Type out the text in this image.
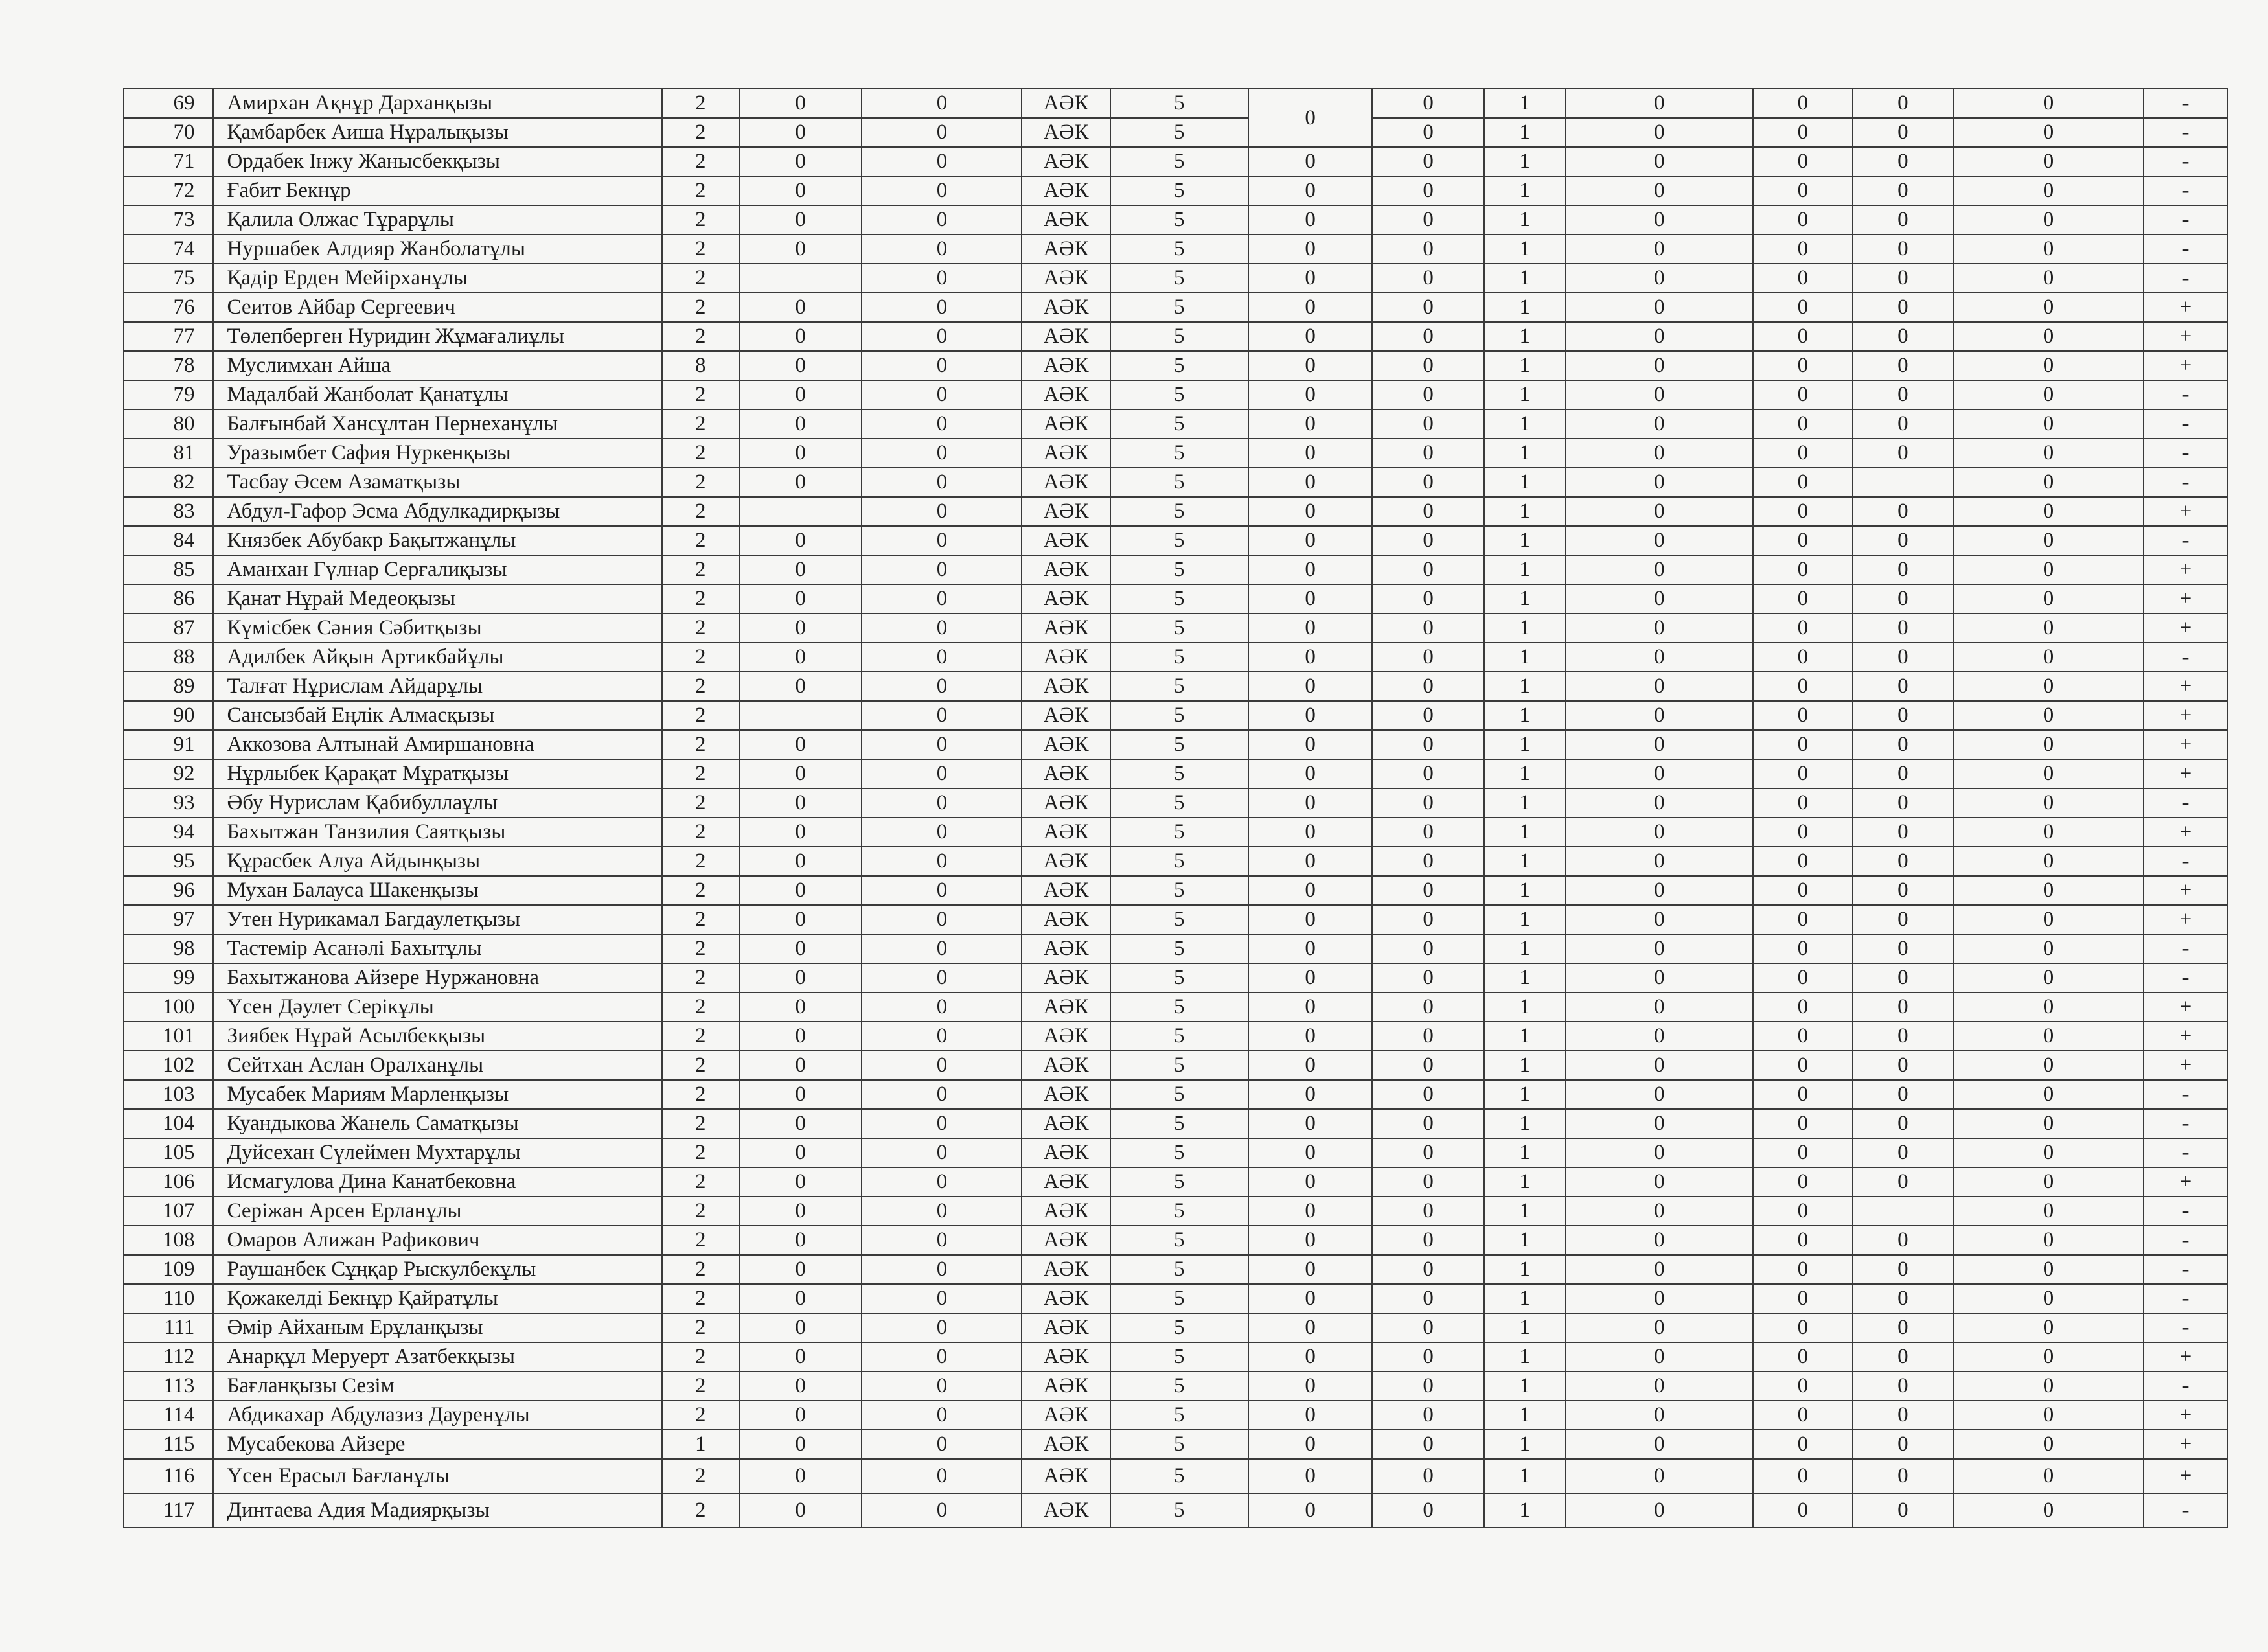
69	Амирхан Ақнұр Дарханқызы	2	0	0	АӘК	5	0	0	1	0	0	0	0	-
70	Қамбарбек Аиша Нұралықызы	2	0	0	АӘК	5		0	1	0	0	0	0	-
71	Ордабек Інжу Жанысбекқызы	2	0	0	АӘК	5	0	0	1	0	0	0	0	-
72	Ғабит Бекнұр	2	0	0	АӘК	5	0	0	1	0	0	0	0	-
73	Қалила Олжас Тұрарұлы	2	0	0	АӘК	5	0	0	1	0	0	0	0	-
74	Нуршабек Алдияр Жанболатұлы	2	0	0	АӘК	5	0	0	1	0	0	0	0	-
75	Қадір Ерден Мейірханұлы	2		0	АӘК	5	0	0	1	0	0	0	0	-
76	Сеитов Айбар Сергеевич	2	0	0	АӘК	5	0	0	1	0	0	0	0	+
77	Төлепберген Нуридин Жұмағалиұлы	2	0	0	АӘК	5	0	0	1	0	0	0	0	+
78	Муслимхан Айша	8	0	0	АӘК	5	0	0	1	0	0	0	0	+
79	Мадалбай Жанболат Қанатұлы	2	0	0	АӘК	5	0	0	1	0	0	0	0	-
80	Балғынбай Хансұлтан Пернеханұлы	2	0	0	АӘК	5	0	0	1	0	0	0	0	-
81	Уразымбет Сафия Нуркенқызы	2	0	0	АӘК	5	0	0	1	0	0	0	0	-
82	Тасбау Әсем Азаматқызы	2	0	0	АӘК	5	0	0	1	0	0		0	-
83	Абдул-Гафор Эсма Абдулкадирқызы	2		0	АӘК	5	0	0	1	0	0	0	0	+
84	Князбек Абубакр Бақытжанұлы	2	0	0	АӘК	5	0	0	1	0	0	0	0	-
85	Аманхан Гүлнар Серғалиқызы	2	0	0	АӘК	5	0	0	1	0	0	0	0	+
86	Қанат Нұрай Медеоқызы	2	0	0	АӘК	5	0	0	1	0	0	0	0	+
87	Күмісбек Сәния Сәбитқызы	2	0	0	АӘК	5	0	0	1	0	0	0	0	+
88	Адилбек Айқын Артикбайұлы	2	0	0	АӘК	5	0	0	1	0	0	0	0	-
89	Талғат Нұрислам Айдарұлы	2	0	0	АӘК	5	0	0	1	0	0	0	0	+
90	Сансызбай Еңлік Алмасқызы	2		0	АӘК	5	0	0	1	0	0	0	0	+
91	Аккозова Алтынай Амиршановна	2	0	0	АӘК	5	0	0	1	0	0	0	0	+
92	Нұрлыбек Қарақат Мұратқызы	2	0	0	АӘК	5	0	0	1	0	0	0	0	+
93	Әбу Нурислам Қабибуллаұлы	2	0	0	АӘК	5	0	0	1	0	0	0	0	-
94	Бахытжан Танзилия Саятқызы	2	0	0	АӘК	5	0	0	1	0	0	0	0	+
95	Құрасбек Алуа Айдынқызы	2	0	0	АӘК	5	0	0	1	0	0	0	0	-
96	Мухан Балауса Шакенқызы	2	0	0	АӘК	5	0	0	1	0	0	0	0	+
97	Утен Нурикамал Багдаулетқызы	2	0	0	АӘК	5	0	0	1	0	0	0	0	+
98	Тастемір Асанәлі Бахытұлы	2	0	0	АӘК	5	0	0	1	0	0	0	0	-
99	Бахытжанова Айзере Нуржановна	2	0	0	АӘК	5	0	0	1	0	0	0	0	-
100	Үсен Дәулет Серікұлы	2	0	0	АӘК	5	0	0	1	0	0	0	0	+
101	Зиябек Нұрай Асылбекқызы	2	0	0	АӘК	5	0	0	1	0	0	0	0	+
102	Сейтхан Аслан Оралханұлы	2	0	0	АӘК	5	0	0	1	0	0	0	0	+
103	Мусабек Мариям Марленқызы	2	0	0	АӘК	5	0	0	1	0	0	0	0	-
104	Куандыкова Жанель Саматқызы	2	0	0	АӘК	5	0	0	1	0	0	0	0	-
105	Дуйсехан Сүлеймен Мухтарұлы	2	0	0	АӘК	5	0	0	1	0	0	0	0	-
106	Исмагулова Дина Канатбековна	2	0	0	АӘК	5	0	0	1	0	0	0	0	+
107	Серіжан Арсен Ерланұлы	2	0	0	АӘК	5	0	0	1	0	0		0	-
108	Омаров Алижан Рафикович	2	0	0	АӘК	5	0	0	1	0	0	0	0	-
109	Раушанбек Сұңқар Рыскулбекұлы	2	0	0	АӘК	5	0	0	1	0	0	0	0	-
110	Қожакелді Бекнұр Қайратұлы	2	0	0	АӘК	5	0	0	1	0	0	0	0	-
111	Әмір Айханым Ерұланқызы	2	0	0	АӘК	5	0	0	1	0	0	0	0	-
112	Анарқұл Меруерт Азатбекқызы	2	0	0	АӘК	5	0	0	1	0	0	0	0	+
113	Бағланқызы Сезім	2	0	0	АӘК	5	0	0	1	0	0	0	0	-
114	Абдикахар Абдулазиз Дауренұлы	2	0	0	АӘК	5	0	0	1	0	0	0	0	+
115	Мусабекова Айзере	1	0	0	АӘК	5	0	0	1	0	0	0	0	+
116	Үсен Ерасыл Бағланұлы	2	0	0	АӘК	5	0	0	1	0	0	0	0	+
117	Динтаева Адия Мадиярқызы	2	0	0	АӘК	5	0	0	1	0	0	0	0	-
